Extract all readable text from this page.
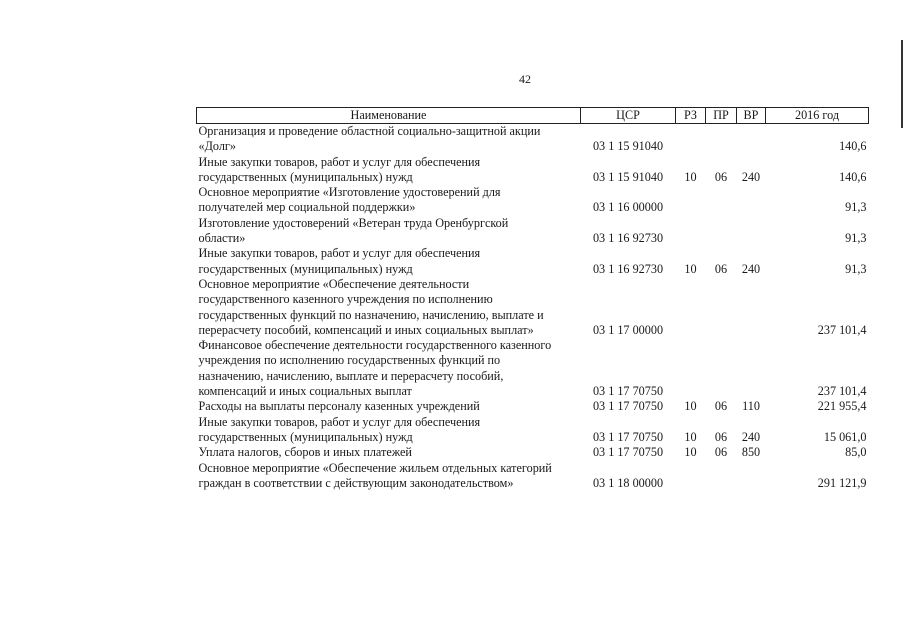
42
Наименование	ЦСР	РЗ	ПР	ВР	2016 год

Организация и проведение областной социально-защитной акции
«Долг»	03 1 15 91040				140,6

Иные закупки товаров, работ и услуг для обеспечения
государственных (муниципальных) нужд	03 1 15 91040	10	06	240	140,6

Основное мероприятие «Изготовление удостоверений для
получателей мер социальной поддержки»	03 1 16 00000				91,3

Изготовление удостоверений «Ветеран труда Оренбургской
области»	03 1 16 92730				91,3

Иные закупки товаров, работ и услуг для обеспечения
государственных (муниципальных) нужд	03 1 16 92730	10	06	240	91,3

Основное мероприятие «Обеспечение деятельности
государственного казенного учреждения по исполнению
государственных функций по назначению, начислению, выплате и
перерасчету пособий, компенсаций и иных социальных выплат»	03 1 17 00000				237 101,4

Финансовое обеспечение деятельности государственного казенного
учреждения по исполнению государственных функций по
назначению, начислению, выплате и перерасчету пособий,
компенсаций и иных социальных выплат	03 1 17 70750				237 101,4

Расходы на выплаты персоналу казенных учреждений	03 1 17 70750	10	06	110	221 955,4

Иные закупки товаров, работ и услуг для обеспечения
государственных (муниципальных) нужд	03 1 17 70750	10	06	240	15 061,0

Уплата налогов, сборов и иных платежей	03 1 17 70750	10	06	850	85,0

Основное мероприятие «Обеспечение жильем отдельных категорий
граждан в соответствии с действующим законодательством»	03 1 18 00000				291 121,9
